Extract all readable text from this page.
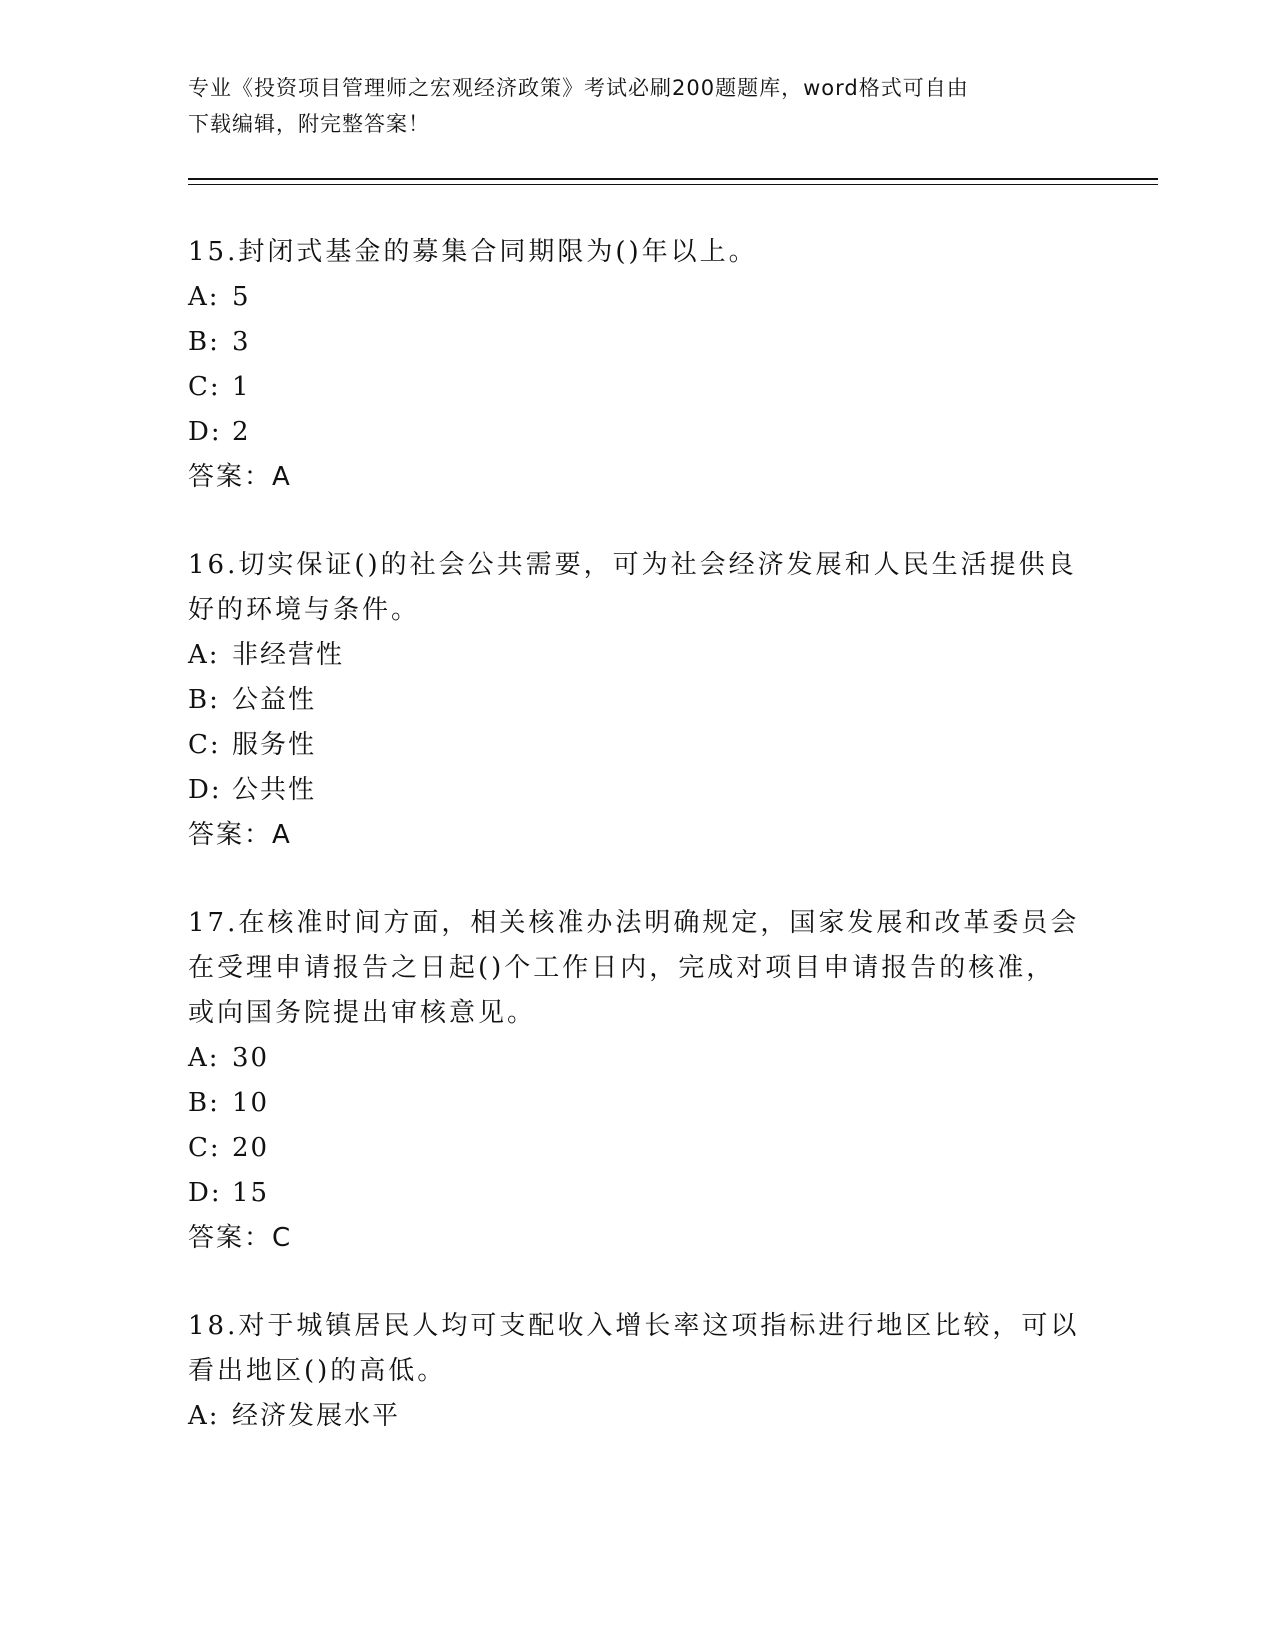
专业《投资项目管理师之宏观经济政策》考试必刷200题题库，word格式可自由
下载编辑，附完整答案！
15.封闭式基金的募集合同期限为()年以上。
A: 5
B: 3
C: 1
D: 2
答案：A
16.切实保证()的社会公共需要，可为社会经济发展和人民生活提供良
好的环境与条件。
A: 非经营性
B: 公益性
C: 服务性
D: 公共性
答案：A
17.在核准时间方面，相关核准办法明确规定，国家发展和改革委员会
在受理申请报告之日起()个工作日内，完成对项目申请报告的核准，
或向国务院提出审核意见。
A: 30
B: 10
C: 20
D: 15
答案：C
18.对于城镇居民人均可支配收入增长率这项指标进行地区比较，可以
看出地区()的高低。
A: 经济发展水平
